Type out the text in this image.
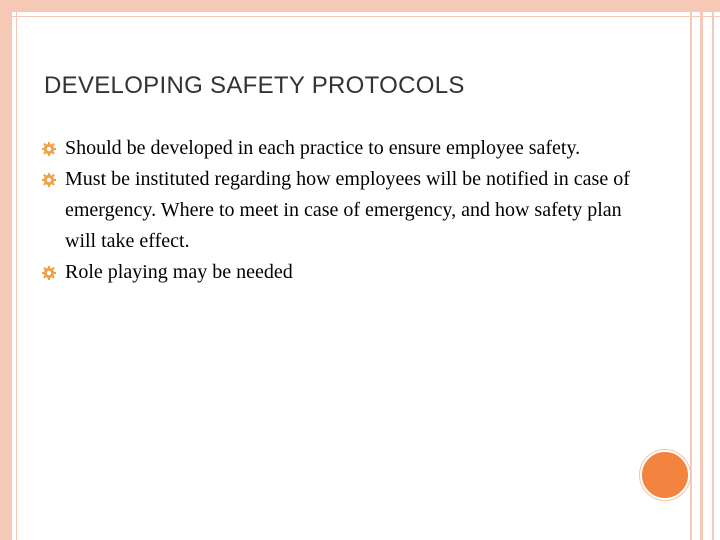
DEVELOPING SAFETY PROTOCOLS
Should be developed in each practice to ensure employee safety.
Must be instituted regarding how employees will be notified in case of emergency. Where to meet in case of emergency, and how safety plan will take effect.
Role playing may be needed
